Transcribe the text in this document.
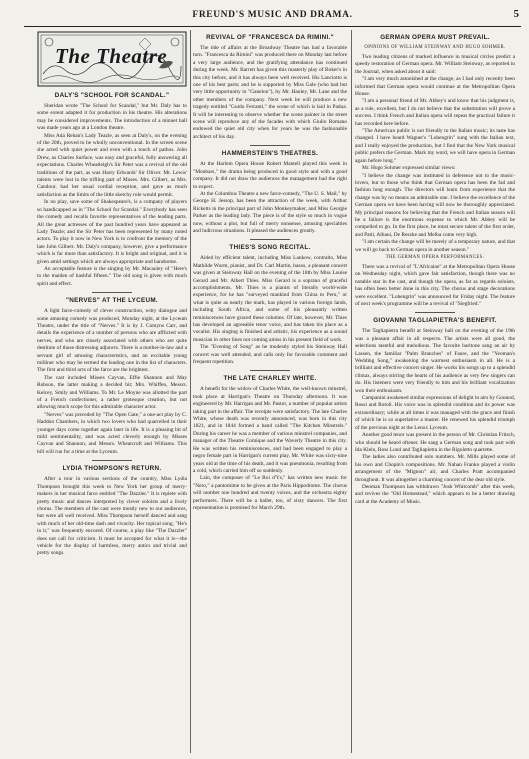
FREUND'S MUSIC AND DRAMA.	5
The Theatre
DALY'S "SCHOOL FOR SCANDAL."
Sheridan wrote "The School for Scandal," but Mr. Daly has to some extent adapted it for production in his theatre. His alterations may be considered improvements. The introduction of a minuet ball was made years ago at a London theatre.
Miss Ada Rehan's Lady Teazle, as seen at Daly's, on the evening of the 20th, proved to be wholly unconventional. In the screen scene she acted with quiet power and even with a touch of pathos. John Drew, as Charles Surface, was easy and graceful, fully answering all expectations. Charles Wheatleigh's Sir Peter was a revival of the old traditions of the part, as was Harry Edwards' Sir Oliver. Mr. Lewis' talents were lost in the trifling part of Moses. Mrs. Gilbert, as Mrs. Candour, had her usual cordial reception, and gave as much satisfaction as the limits of the little sketchy role would permit.
In no play, save some of Shakespeare's, is a company of players so handicapped as in "The School for Scandal." Everybody has seen the comedy and recalls favorite representatives of the leading parts. All the great actresses of the past hundred years have appeared as Lady Teazle; and the Sir Peter has been represented by many noted actors. To play it now in New York is to confront the memory of the late John Gilbert. Mr. Daly's company, however, give a performance which is far more than satisfactory. It is bright and original, and it is given amid settings which are always appropriate and handsome.
An acceptable feature is the singing by Mr. Macauley of "Here's to the maiden of bashful fifteen." The old song is given with much spirit and effect.
"NERVES" AT THE LYCEUM.
A light farce-comedy of clever construction, witty dialogue and some amusing comedy was produced, Monday night, at the Lyceum Theatre, under the title of "Nerves." It is by J. Comyns Carr, and details the experience of a number of persons who are afflicted with nerves, and who are closely associated with others who are quite destitute of those distressing adjuncts. There is a mother-in-law and a servant girl of amusing characteristics, and an excitable young milliner who may be termed the leading one in the list of characters. The first and third acts of the farce are the brightest.
The cast included Misses Cayvan, Effie Shannon and May Robson, the latter making a decided hit; Mrs. Whiffen, Messrs. Kelcey, Smily and Williams. To Mr. Le Moyne was allotted the part of a French confectioner, a rather grotesque creation, but not allowing much scope for this admirable character actor.
"Nerves" was preceded by "The Open Gate," a one-act play by C. Haddon Chambers, in which two lovers who had quarrelled in their younger days come together again later in life. It is a pleasing bit of mild sentimentality, and was acted cleverly enough by Misses Cayvan and Shannon, and Messrs. Wheatcroft and Williams. This bill will run for a time at the Lyceum.
LYDIA THOMPSON'S RETURN.
After a tour in various sections of the country, Miss Lydia Thompson brought this week to New York her group of merry-makers in her musical farce entitled "The Dazzler." It is replete with pretty music and dances interpreted by clever soloists and a lively chorus. The members of the cast were mostly new to our audiences, but were all well received. Miss Thompson herself danced and sang with much of her old-time dash and vivacity. Her topical song, "He's in it," was frequently encored. Of course, a play like "The Dazzler" does not call for criticism. It must be accepted for what it is—the vehicle for the display of harmless, merry antics and trivial and pretty songs.
REVIVAL OF "FRANCESCA DA RIMINI."
The tide of affairs at the Broadway Theatre has had a favorable turn. "Francesca da Rimini" was produced there on Monday last before a very large audience, and the gratifying attendance has continued during the week. Mr. Barrett has given this masterly play of Boker's in this city before, and it has always been well received. His Lanciotto is one of his best parts; and he is supported by Miss Gale (who had but very little opportunity in "Ganelon"), by Mr. Hanley, Mr. Lane and the other members of the company. Next week he will produce a new tragedy entitled "Guido Ferranti," the scene of which is laid in Padua. It will be interesting to observe whether the scene painter in the street scene will reproduce any of the facades with which Giulio Romano endowed the quiet old city when for years he was the fashionable architect of his day.
HAMMERSTEIN'S THEATRES.
At the Harlem Opera House Robert Mantell played this week in "Monbars," the drama being produced in good style and with a good company. It did not draw the audiences the management had the right to expect.
At the Columbus Theatre a new farce-comedy, "The U. S. Mail," by George H. Jessop, has been the attraction of the week, with Arthur Ricketts in the principal part of John Monkeymaker, and Miss Georgie Parker as the leading lady. The piece is of the style so much in vogue now, without a plot, but full of merry nonsense, amusing specialties and ludicrous situations. It pleased the audiences greatly.
THIES'S SONG RECITAL.
Aided by efficient talent, including Miss Lankow, contralto, Miss Mathilde Wurm, pianist, and Dr. Carl Martin, basso, a pleasant concert was given at Steinway Hall on the evening of the 18th by Miss Louise Gerard and Mr. Albert Thies. Miss Gerard is a soprano of graceful accomplishments. Mr. Thies is a pianist of literally world-wide experience, for he has "surveyed mankind from China to Peru," or what is quite as nearly the mark, has played in various foreign lands, including South Africa, and some of his pleasantly written reminiscences have graced these columns. Of late, however, Mr. Thies has developed an agreeable tenor voice, and has taken his place as a vocalist. His singing is finished and artistic, his experience as a sound musician in other lines not coming amiss in his present field of work.
The "Evening of Song" as he modestly styled his Steinway Hall concert was well attended, and calls only for favorable comment and frequent repetition.
THE LATE CHARLEY WHITE.
A benefit for the widow of Charles White, the well-known minstrel, took place at Harrigan's Theatre on Thursday afternoon. It was engineered by Mr. Harrigan and Mr. Pastor, a number of popular artists taking part in the affair. The receipts were satisfactory. The late Charles White, whose death was recently announced, was born in this city 1821, and in 1844 formed a band called "The Kitchen Minstrels." During his career he was a member of various minstrel companies, and manager of the Theatre Comique and the Waverly Theatre in this city. He was written his reminiscences, and had been engaged to play a negro female part in Harrigan's current play, Mr. White was sixty-nine years old at the time of his death, and it was pneumonia, resulting from a cold, which carried him off so suddenly.
Lalo, the composer of "Le Roi d'Ys," has written new music for "Nero," a pantomime to be given at the Paris Hippodrome. The chorus will number one hundred and twenty voices, and the orchestra eighty performers. There will be a ballet, too, of sixty dancers. The first representation is promised for March 29th.
GERMAN OPERA MUST PREVAIL.
OPINIONS OF WILLIAM STEINWAY AND HUGO SOHMER.
Two leading citizens of marked influence in musical circles predict a speedy restoration of German opera. Mr. William Steinway, as reported in the Journal, when asked about it said:
"I am very much astonished at the change, as I had only recently been informed that German opera would continue at the Metropolitan Opera House.
"I am a personal friend of Mr. Abbey's and know that his judgment is, as a rule, excellent, but I do not believe that the substitution will prove a success. I think French and Italian opera will repeat the practical failure it has recorded here before.
"The American public is not friendly to the Italian music; its taste has changed. I have heard Wagner's "Lohengrin" sung with the Italian text, and I really enjoyed the production, but I find that the New York musical public prefers the German. Mark my word, we will have opera in German again before long."
Mr. Hugo Sohmer expressed similar views:
"I believe the change was instituted in deference not to the music-lovers, but to those who think that German opera has been the fad and fashion long enough. The directors will learn from experience that the change was by no means an admirable one. I believe the excellence of the German opera we have been having will now be thoroughly appreciated. My principal reasons for believing that the French and Italian season will be a failure is the enormous expense to which Mr. Abbey will be compelled to go. In the first place, he must secure talent of the first order, and Patti, Albani, De Reszke and Melba come very high.
"I am certain the change will be merely of a temporary nature, and that we will go back to German opera in another season."
THE GERMAN OPERA PERFORMANCES.
There was a revival of "L'Africaine" at the Metropolitan Opera House on Wednesday night, which gave fair satisfaction, though there was no notable star in the cast, and though the opera, as far as regards soloists, has often been better done in this city. The chorus and stage decorations were excellent. "Lohengrin" was announced for Friday night. The feature of next week's programme will be a revival of "Siegfried."
GIOVANNI TAGLIAPIETRA'S BENEFIT.
The Tagliapietra benefit at Steinway hall on the evening of the 19th was a pleasant affair in all respects. The artists were all good, the selections tasteful and melodious. The favorite baritone sang an air by Lassen, the familiar "Palm Branches" of Faure, and the "Yeoman's Wedding Song," awakening the warmest enthusiasm in all. He is a brilliant and effective concert singer. He works his songs up to a splendid climax, always stirring the hearts of his audience as very few singers can do. His listeners were very friendly to him and his brilliant vocalization won their enthusiasm.
Campanini awakened similar expressions of delight in airs by Gounod, Rossi and Rotoli. His voice was in splendid condition and its power was extraordinary; while at all times it was managed with the grace and finish of which he is so superlative a master. He renewed his splendid triumph of the previous night at the Lenox Lyceum.
Another good tenor was present in the person of Mr. Christian Fritsch, who should be heard oftener. He sang a German song and took part with Ida Klein, Ross Lund and Tagliapietra in the Rigoletto quartette.
The ladies also contributed solo numbers. Mr. Mills played some of his own and Chopin's compositions. Mr. Nahan Franko played a violin arrangement of the "Mignon" air, and Charles Pratt accompanied throughout. It was altogether a charming concert of the dear old style.
Denman Thompson has withdrawn "Josh Whitcomb" after this week, and revives the "Old Homestead," which appears to be a better drawing card at the Academy of Music.
